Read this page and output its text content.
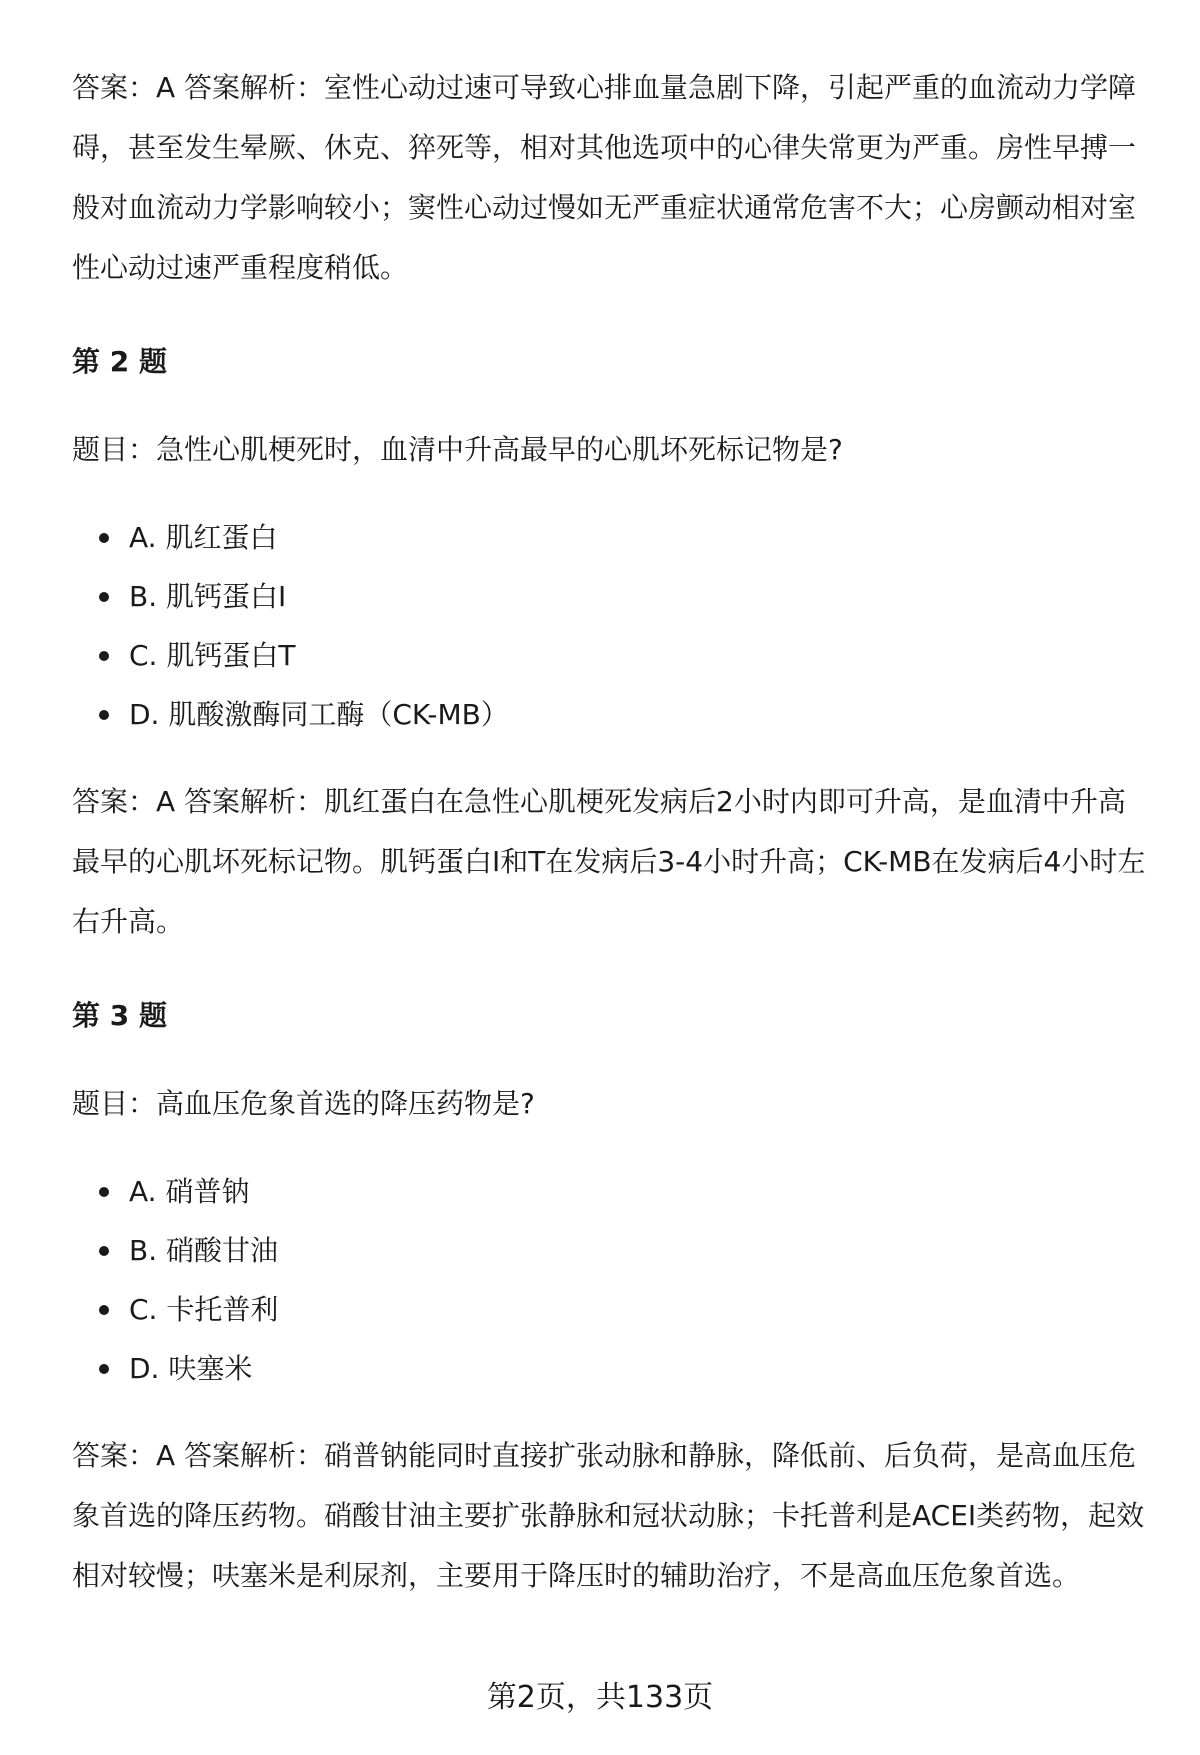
答案：A 答案解析：室性心动过速可导致心排血量急剧下降，引起严重的血流动力学障碍，甚至发生晕厥、休克、猝死等，相对其他选项中的心律失常更为严重。房性早搏一般对血流动力学影响较小；窦性心动过慢如无严重症状通常危害不大；心房颤动相对室性心动过速严重程度稍低。

第 2 题

题目：急性心肌梗死时，血清中升高最早的心肌坏死标记物是?

A. 肌红蛋白
B. 肌钙蛋白I
C. 肌钙蛋白T
D. 肌酸激酶同工酶（CK-MB）

答案：A 答案解析：肌红蛋白在急性心肌梗死发病后2小时内即可升高，是血清中升高最早的心肌坏死标记物。肌钙蛋白I和T在发病后3-4小时升高；CK-MB在发病后4小时左右升高。

第 3 题

题目：高血压危象首选的降压药物是?

A. 硝普钠
B. 硝酸甘油
C. 卡托普利
D. 呋塞米

答案：A 答案解析：硝普钠能同时直接扩张动脉和静脉，降低前、后负荷，是高血压危象首选的降压药物。硝酸甘油主要扩张静脉和冠状动脉；卡托普利是ACEI类药物，起效相对较慢；呋塞米是利尿剂，主要用于降压时的辅助治疗，不是高血压危象首选。

第2页，共133页
